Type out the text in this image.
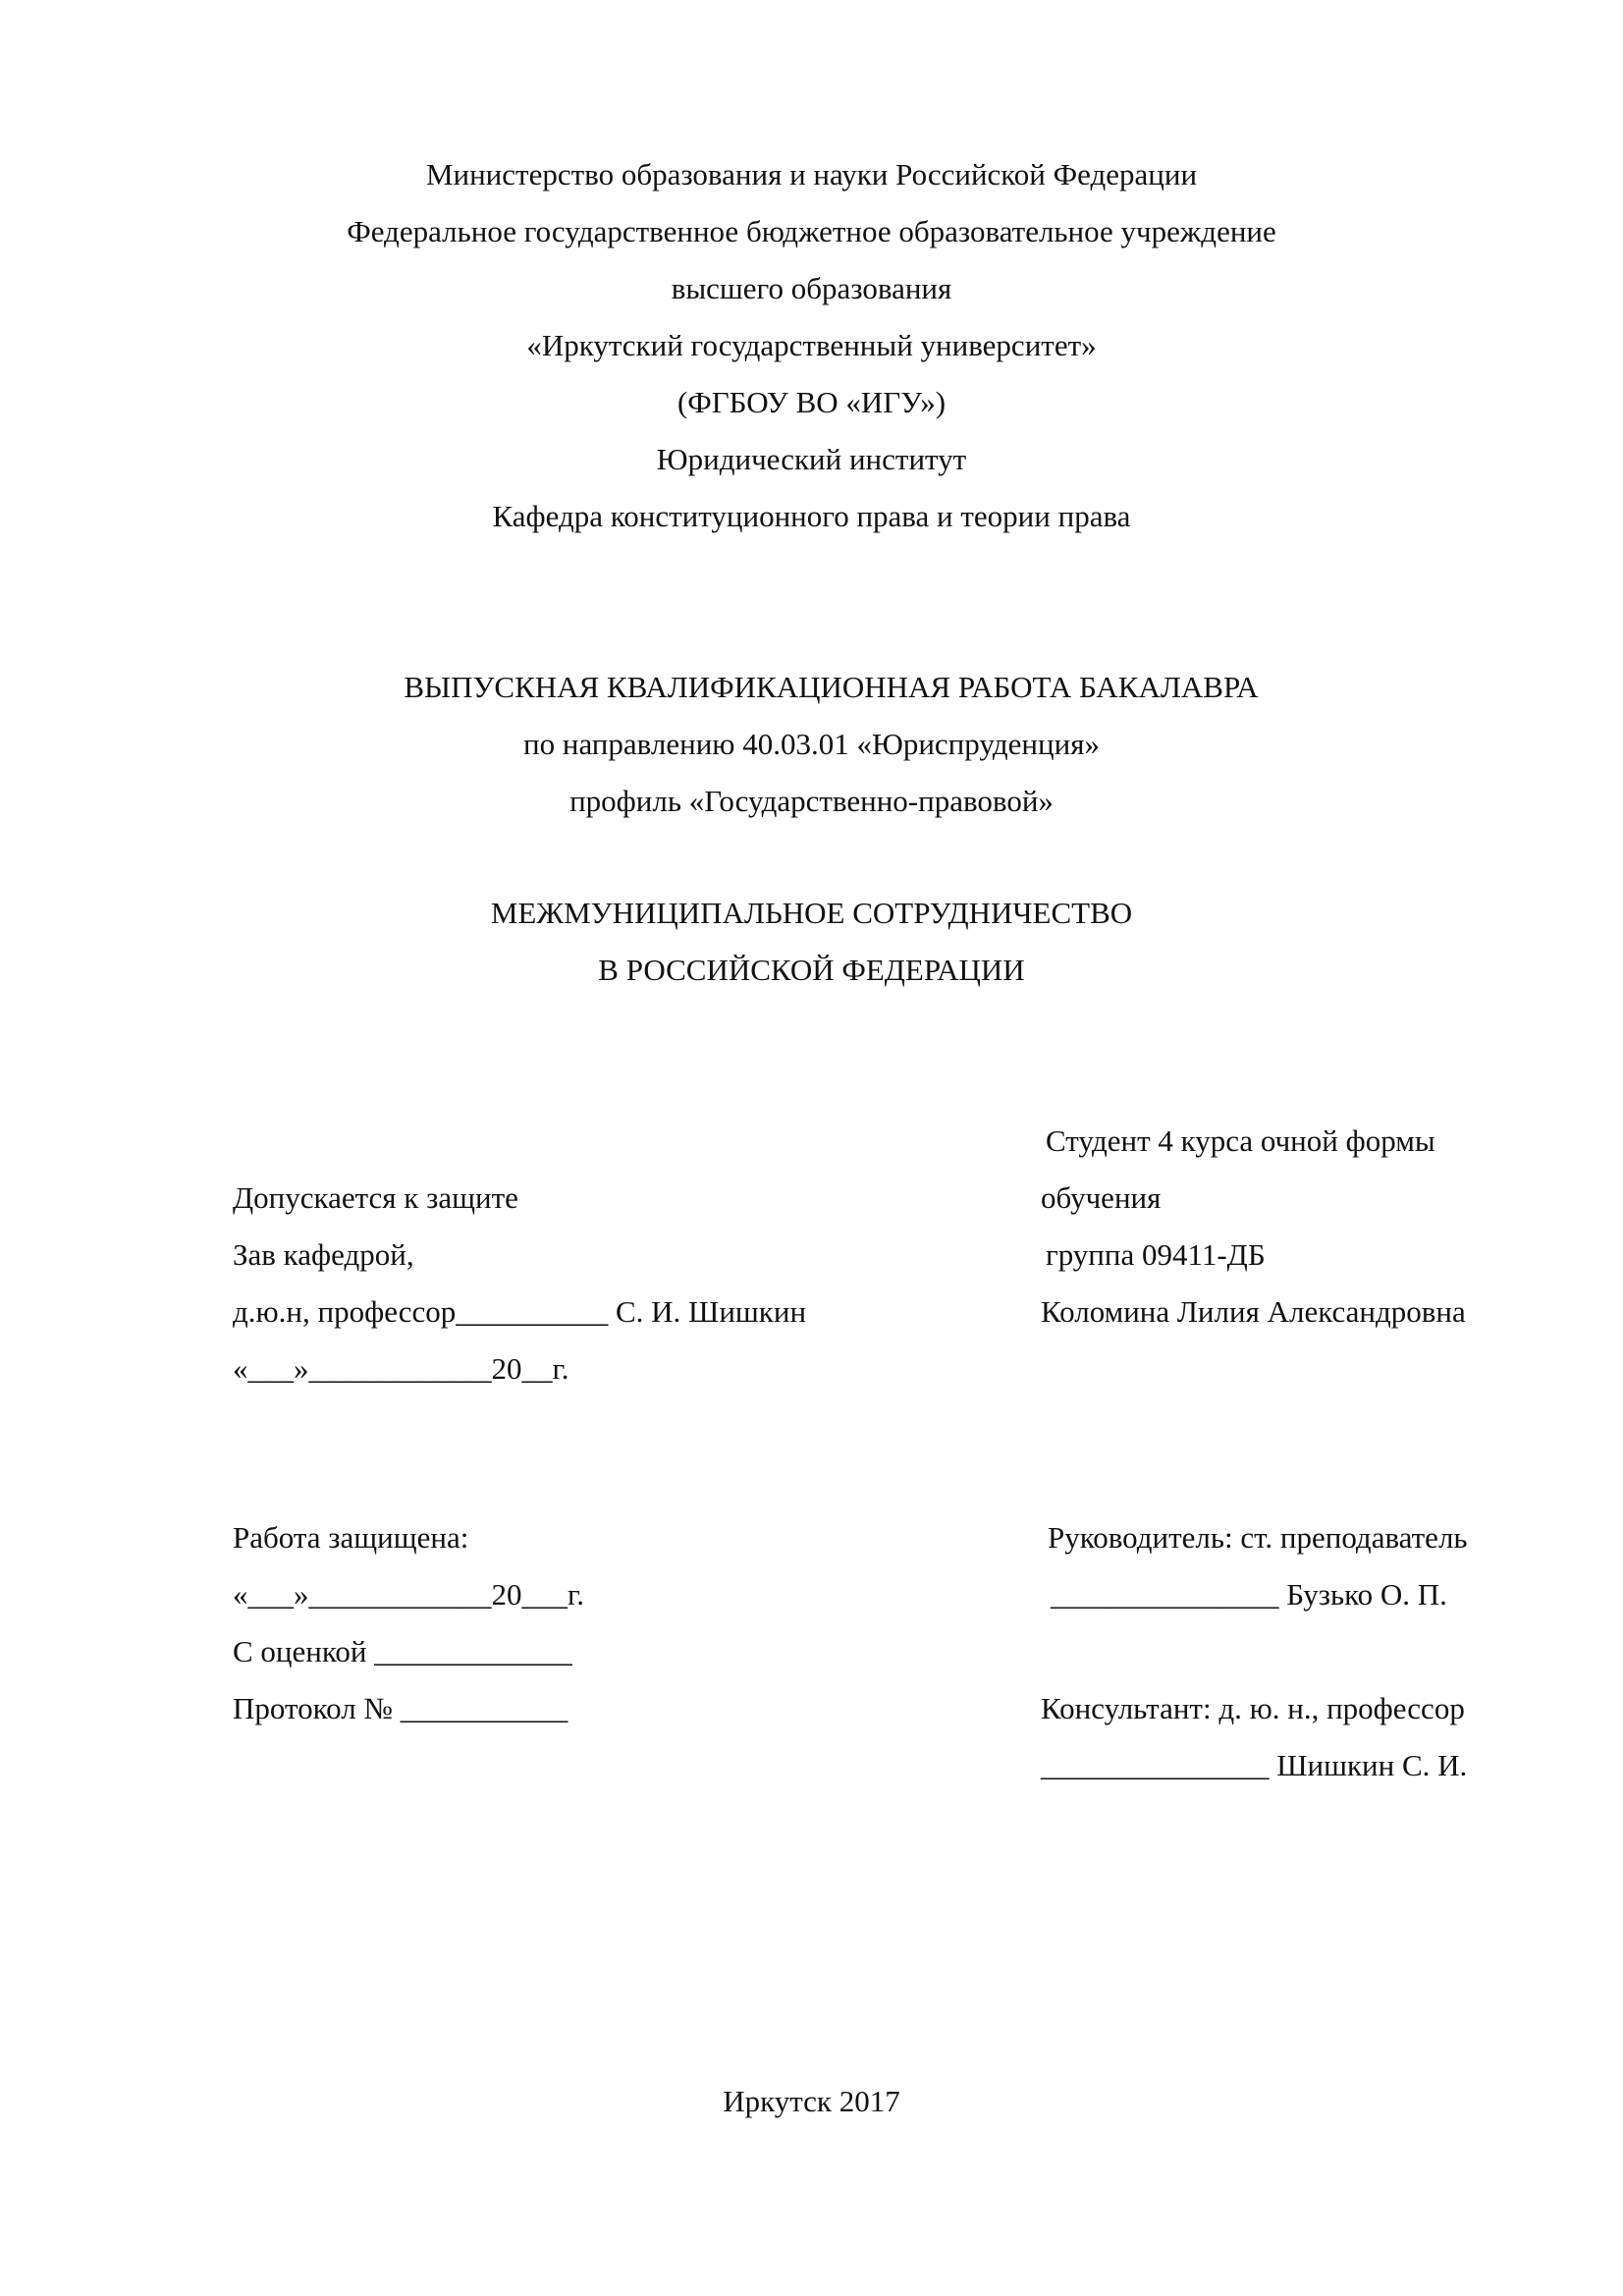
Министерство образования и науки Российской Федерации
Федеральное государственное бюджетное образовательное учреждение
высшего образования
«Иркутский государственный университет»
(ФГБОУ ВО «ИГУ»)
Юридический институт
Кафедра конституционного права и теории права
ВЫПУСКНАЯ КВАЛИФИКАЦИОННАЯ РАБОТА БАКАЛАВРА
по направлению 40.03.01 «Юриспруденция»
профиль «Государственно-правовой»
МЕЖМУНИЦИПАЛЬНОЕ СОТРУДНИЧЕСТВО
В РОССИЙСКОЙ ФЕДЕРАЦИИ
Студент 4 курса очной формы
обучения
группа 09411-ДБ
Коломина Лилия Александровна
Допускается к защите
Зав кафедрой,
д.ю.н, профессор__________ С. И. Шишкин
«___»____________20__г.
Работа защищена:
«___»____________20___г.
С оценкой _____________
Протокол № ___________
Руководитель: ст. преподаватель
_______________ Бузько О. П.
Консультант: д. ю. н., профессор
_______________ Шишкин С. И.
Иркутск 2017
